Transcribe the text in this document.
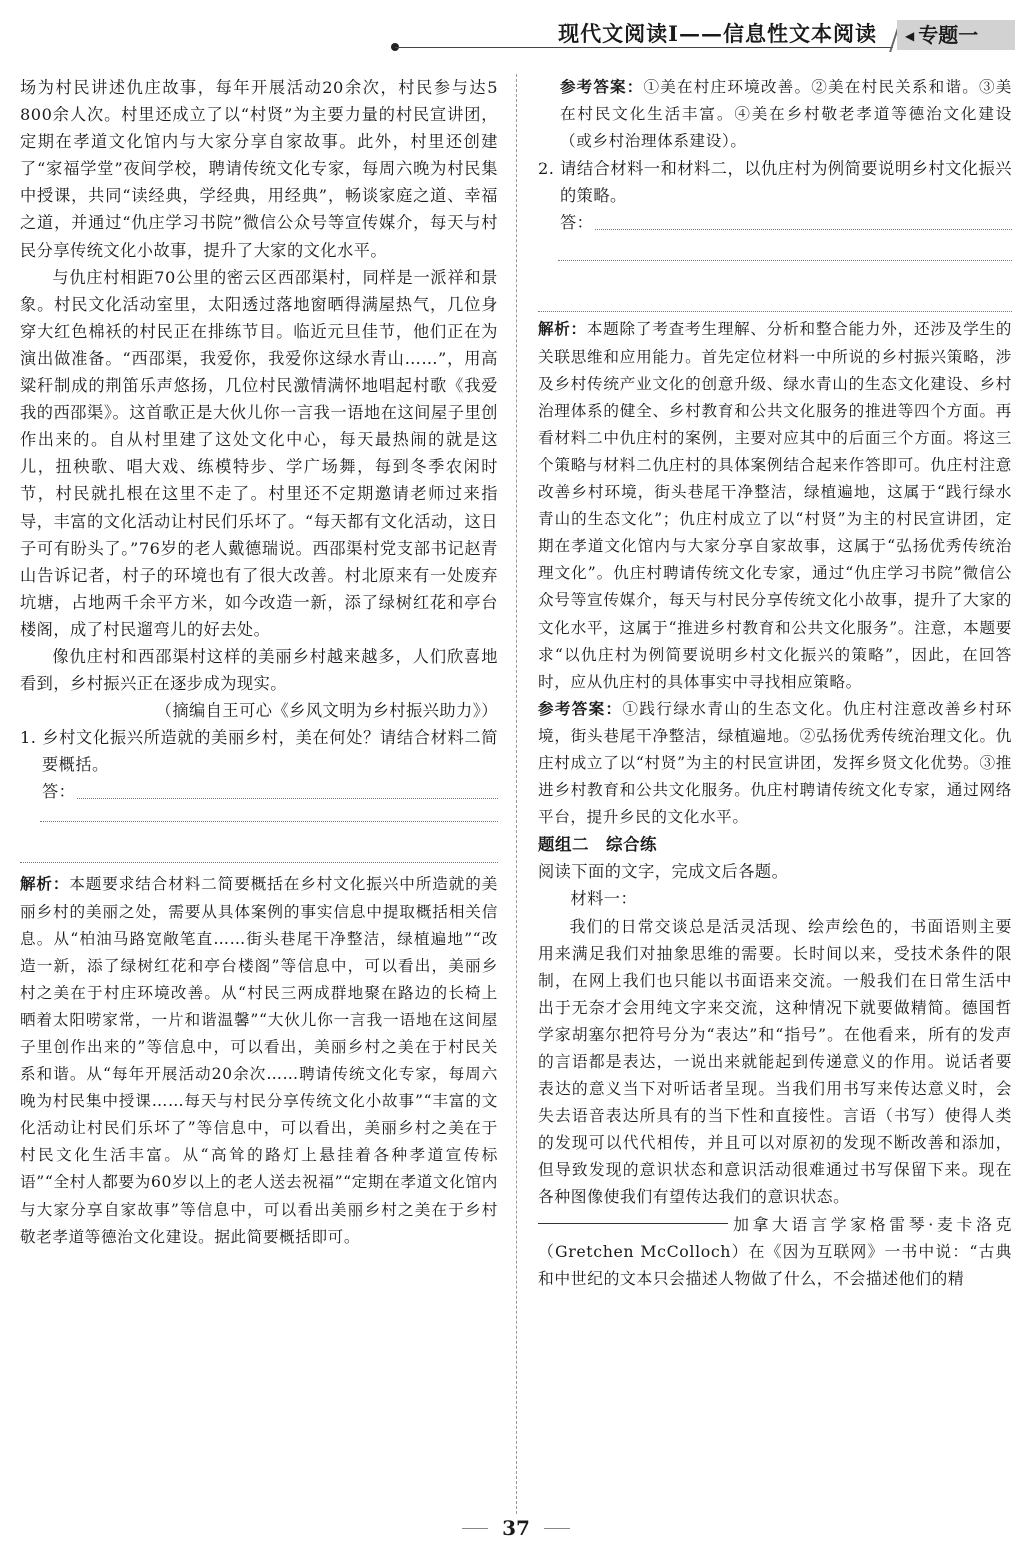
现代文阅读Ⅰ——信息性文本阅读	◀ 专题一

场为村民讲述仇庄故事，每年开展活动20余次，村民参与达5 800余人次。村里还成立了以“村贤”为主要力量的村民宣讲团，定期在孝道文化馆内与大家分享自家故事。此外，村里还创建了“家福学堂”夜间学校，聘请传统文化专家，每周六晚为村民集中授课，共同“读经典，学经典，用经典”，畅谈家庭之道、幸福之道，并通过“仇庄学习书院”微信公众号等宣传媒介，每天与村民分享传统文化小故事，提升了大家的文化水平。

与仇庄村相距70公里的密云区西邵渠村，同样是一派祥和景象。村民文化活动室里，太阳透过落地窗晒得满屋热气，几位身穿大红色棉袄的村民正在排练节目。临近元旦佳节，他们正在为演出做准备。“西邵渠，我爱你，我爱你这绿水青山……”，用高粱秆制成的荆笛乐声悠扬，几位村民激情满怀地唱起村歌《我爱我的西邵渠》。这首歌正是大伙儿你一言我一语地在这间屋子里创作出来的。自从村里建了这处文化中心，每天最热闹的就是这儿，扭秧歌、唱大戏、练模特步、学广场舞，每到冬季农闲时节，村民就扎根在这里不走了。村里还不定期邀请老师过来指导，丰富的文化活动让村民们乐坏了。“每天都有文化活动，这日子可有盼头了。”76岁的老人戴德瑞说。西邵渠村党支部书记赵青山告诉记者，村子的环境也有了很大改善。村北原来有一处废弃坑塘，占地两千余平方米，如今改造一新，添了绿树红花和亭台楼阁，成了村民遛弯儿的好去处。

像仇庄村和西邵渠村这样的美丽乡村越来越多，人们欣喜地看到，乡村振兴正在逐步成为现实。

（摘编自王可心《乡风文明为乡村振兴助力》）

1. 乡村文化振兴所造就的美丽乡村，美在何处？请结合材料二简要概括。

答：

解析：本题要求结合材料二简要概括在乡村文化振兴中所造就的美丽乡村的美丽之处，需要从具体案例的事实信息中提取概括相关信息。从“柏油马路宽敞笔直……街头巷尾干净整洁，绿植遍地”“改造一新，添了绿树红花和亭台楼阁”等信息中，可以看出，美丽乡村之美在于村庄环境改善。从“村民三两成群地聚在路边的长椅上晒着太阳唠家常，一片和谐温馨”“大伙儿你一言我一语地在这间屋子里创作出来的”等信息中，可以看出，美丽乡村之美在于村民关系和谐。从“每年开展活动20余次……聘请传统文化专家，每周六晚为村民集中授课……每天与村民分享传统文化小故事”“丰富的文化活动让村民们乐坏了”等信息中，可以看出，美丽乡村之美在于村民文化生活丰富。从“高耸的路灯上悬挂着各种孝道宣传标语”“全村人都要为60岁以上的老人送去祝福”“定期在孝道文化馆内与大家分享自家故事”等信息中，可以看出美丽乡村之美在于乡村敬老孝道等德治文化建设。据此简要概括即可。

参考答案：①美在村庄环境改善。②美在村民关系和谐。③美在村民文化生活丰富。④美在乡村敬老孝道等德治文化建设（或乡村治理体系建设）。

2. 请结合材料一和材料二，以仇庄村为例简要说明乡村文化振兴的策略。

答：

解析：本题除了考查考生理解、分析和整合能力外，还涉及学生的关联思维和应用能力。首先定位材料一中所说的乡村振兴策略，涉及乡村传统产业文化的创意升级、绿水青山的生态文化建设、乡村治理体系的健全、乡村教育和公共文化服务的推进等四个方面。再看材料二中仇庄村的案例，主要对应其中的后面三个方面。将这三个策略与材料二仇庄村的具体案例结合起来作答即可。仇庄村注意改善乡村环境，街头巷尾干净整洁，绿植遍地，这属于“践行绿水青山的生态文化”；仇庄村成立了以“村贤”为主的村民宣讲团，定期在孝道文化馆内与大家分享自家故事，这属于“弘扬优秀传统治理文化”。仇庄村聘请传统文化专家，通过“仇庄学习书院”微信公众号等宣传媒介，每天与村民分享传统文化小故事，提升了大家的文化水平，这属于“推进乡村教育和公共文化服务”。注意，本题要求“以仇庄村为例简要说明乡村文化振兴的策略”，因此，在回答时，应从仇庄村的具体事实中寻找相应策略。

参考答案：①践行绿水青山的生态文化。仇庄村注意改善乡村环境，街头巷尾干净整洁，绿植遍地。②弘扬优秀传统治理文化。仇庄村成立了以“村贤”为主的村民宣讲团，发挥乡贤文化优势。③推进乡村教育和公共文化服务。仇庄村聘请传统文化专家，通过网络平台，提升乡民的文化水平。

题组二　综合练

阅读下面的文字，完成文后各题。

材料一：

我们的日常交谈总是活灵活现、绘声绘色的，书面语则主要用来满足我们对抽象思维的需要。长时间以来，受技术条件的限制，在网上我们也只能以书面语来交流。一般我们在日常生活中出于无奈才会用纯文字来交流，这种情况下就要做精简。德国哲学家胡塞尔把符号分为“表达”和“指号”。在他看来，所有的发声的言语都是表达，一说出来就能起到传递意义的作用。说话者要表达的意义当下对听话者呈现。当我们用书写来传达意义时，会失去语音表达所具有的当下性和直接性。言语（书写）使得人类的发现可以代代相传，并且可以对原初的发现不断改善和添加，但导致发现的意识状态和意识活动很难通过书写保留下来。现在各种图像使我们有望传达我们的意识状态。

加拿大语言学家格雷琴·麦卡洛克（Gretchen McColloch）在《因为互联网》一书中说：“古典和中世纪的文本只会描述人物做了什么，不会描述他们的精

37
